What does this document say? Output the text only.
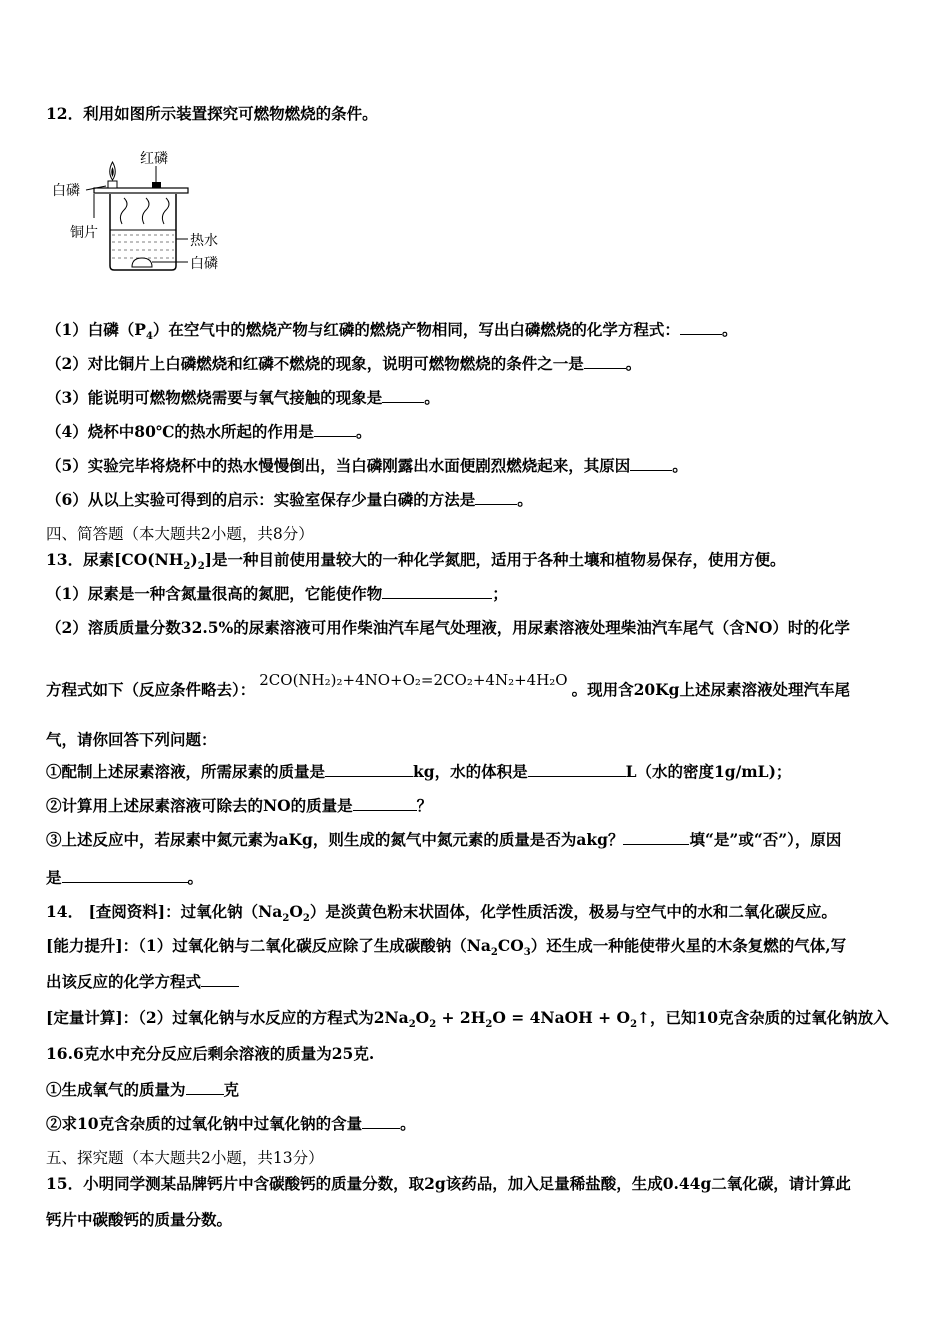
12．利用如图所示装置探究可燃物燃烧的条件。
红磷
白磷
铜片	热水
白磷
（1）白磷$(P_4)$在空气中的燃烧产物与红磷的燃烧产物相同，写出白磷燃烧的化学方程式：	。
（2）对比铜片上白磷燃烧和红磷不燃烧的现象，说明可燃物燃烧的条件之一是	。
（3）能说明可燃物燃烧需要与氧气接触的现象是	。
（4）烧杯中80℃的热水所起的作用是	。
（5）实验完毕将烧杯中的热水慢慢倒出，当白磷刚露出水面便剧烈燃烧起来，其原因	。
（6）从以上实验可得到的启示：实验室保存少量白磷的方法是	。
四、简答题（本大题共2小题，共8分）
13．尿素$[CO(NH_2)_2]$是一种目前使用量较大的一种化学氮肥，适用于各种土壤和植物易保存，使用方便。
（1）尿素是一种含氮量很高的氮肥，它能使作物	；
（2）溶质质量分数32.5%的尿素溶液可用作柴油汽车尾气处理液，用尿素溶液处理柴油汽车尾气（含NO）时的化学
方程式如下（反应条件略去）： 2CO(NH₂)₂+4NO+O₂=2CO₂+4N₂+4H₂O 。现用含20Kg上述尿素溶液处理汽车尾
气，请你回答下列问题：
①配制上述尿素溶液，所需尿素的质量是	kg，水的体积是	L（水的密度1g/mL)；
②计算用上述尿素溶液可除去的NO的质量是	？
③上述反应中，若尿素中氮元素为aKg，则生成的氮气中氮元素的质量是否为akg？	填“是”或“否”），原因
是	。
14． [查阅资料]：过氧化钠$(Na_2O_2)$是淡黄色粉末状固体，化学性质活泼，极易与空气中的水和二氧化碳反应。
[能力提升]：（1）过氧化钠与二氧化碳反应除了生成碳酸钠$(Na_2CO_3)$还生成一种能使带火星的木条复燃的气体,写
出该反应的化学方程式
[定量计算]：（2）过氧化钠与水反应的方程式为$2Na_2O_2 + 2H_2O$ = 4NaOH + $O_2↑$，已知10克含杂质的过氧化钠放入
16.6克水中充分反应后剩余溶液的质量为25克.
①生成氧气的质量为 克
②求10克含杂质的过氧化钠中过氧化钠的含量 。
五、探究题（本大题共2小题，共13分）
15．小明同学测某品牌钙片中含碳酸钙的质量分数，取2g该药品，加入足量稀盐酸，生成0.44g二氧化碳，请计算此
钙片中碳酸钙的质量分数。
